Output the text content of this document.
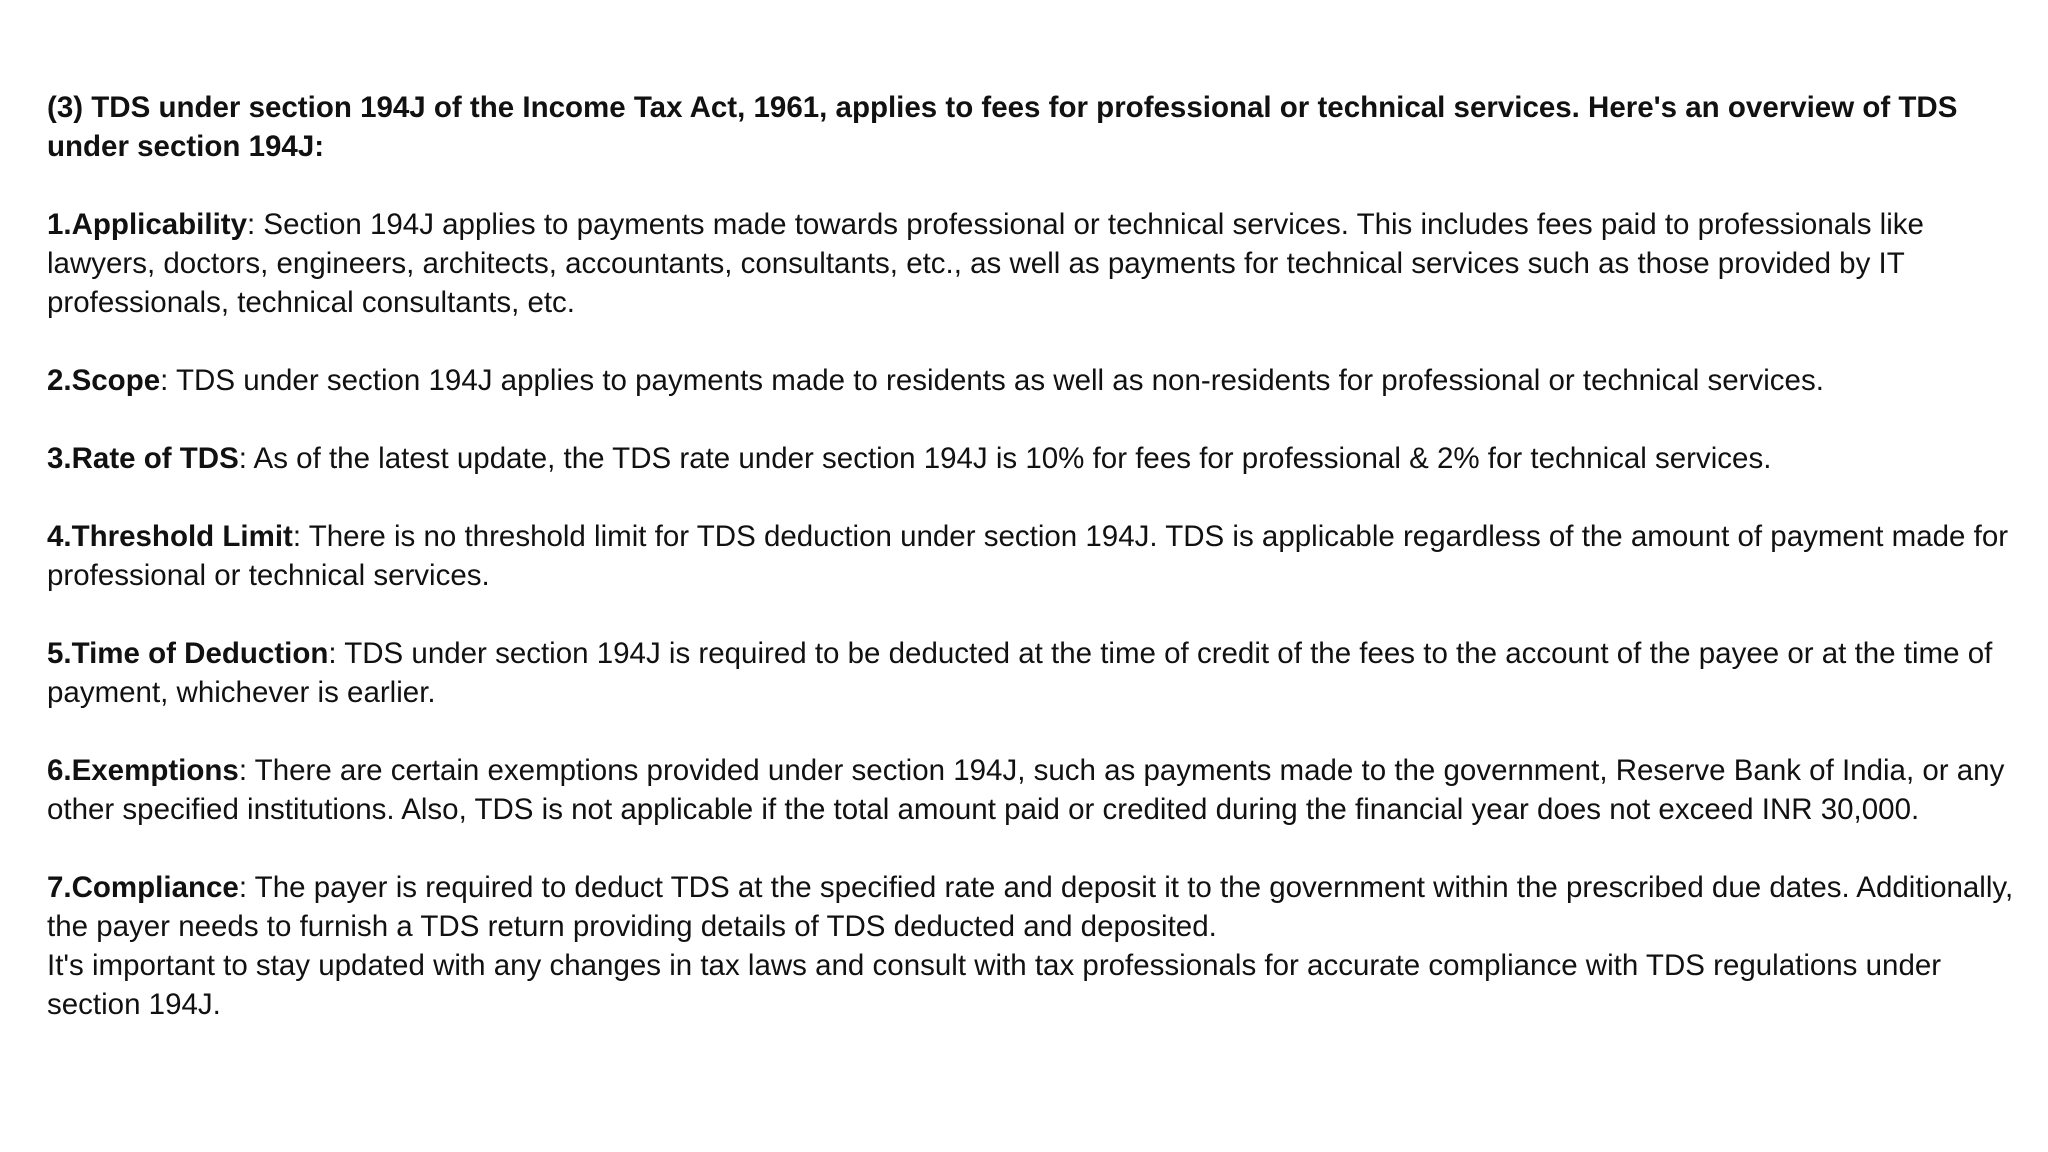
(3) TDS under section 194J of the Income Tax Act, 1961, applies to fees for professional or technical services. Here's an overview of TDS under section 194J:

1.Applicability: Section 194J applies to payments made towards professional or technical services. This includes fees paid to professionals like lawyers, doctors, engineers, architects, accountants, consultants, etc., as well as payments for technical services such as those provided by IT professionals, technical consultants, etc.

2.Scope: TDS under section 194J applies to payments made to residents as well as non-residents for professional or technical services.

3.Rate of TDS: As of the latest update, the TDS rate under section 194J is 10% for fees for professional & 2% for technical services.

4.Threshold Limit: There is no threshold limit for TDS deduction under section 194J. TDS is applicable regardless of the amount of payment made for professional or technical services.

5.Time of Deduction: TDS under section 194J is required to be deducted at the time of credit of the fees to the account of the payee or at the time of payment, whichever is earlier.

6.Exemptions: There are certain exemptions provided under section 194J, such as payments made to the government, Reserve Bank of India, or any other specified institutions. Also, TDS is not applicable if the total amount paid or credited during the financial year does not exceed INR 30,000.

7.Compliance: The payer is required to deduct TDS at the specified rate and deposit it to the government within the prescribed due dates. Additionally, the payer needs to furnish a TDS return providing details of TDS deducted and deposited.

It's important to stay updated with any changes in tax laws and consult with tax professionals for accurate compliance with TDS regulations under section 194J.
